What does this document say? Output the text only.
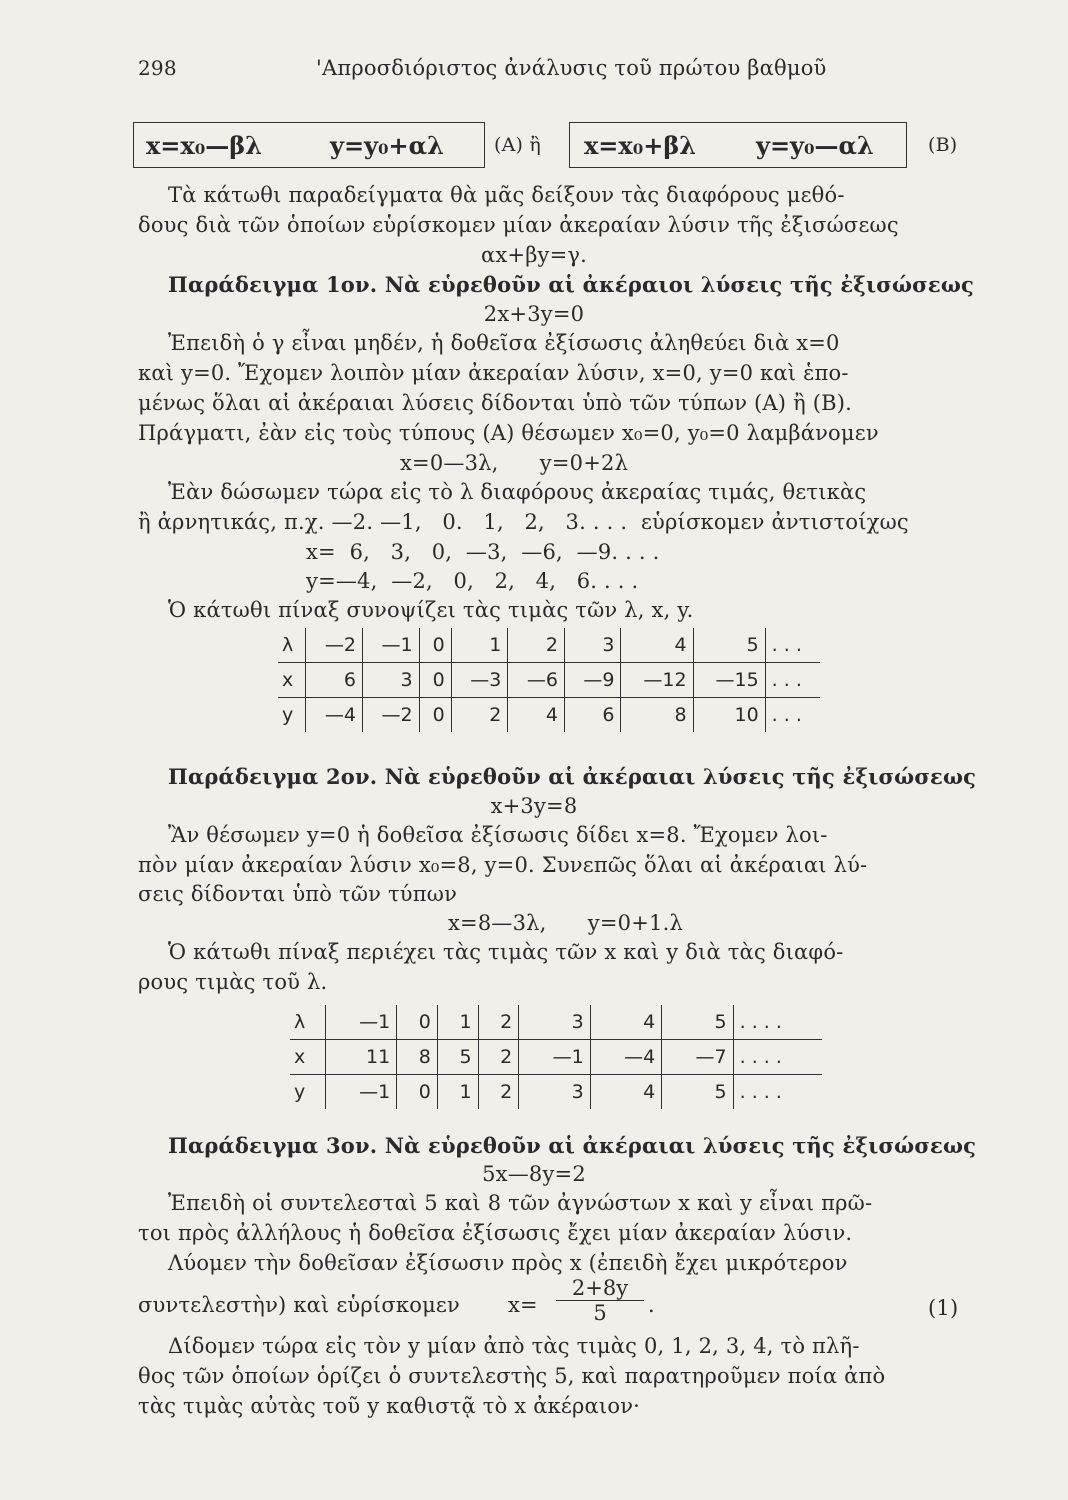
298	'Απροσδιόριστος ἀνάλυσις τοῦ πρώτου βαθμοῦ
x=x₀—βλ	y=y₀+αλ	(A) ἢ x=x₀+βλ y=y₀—αλ	(B)
Τὰ κάτωθι παραδείγματα θὰ μᾶς δείξουν τὰς διαφόρους μεθό-
δους διὰ τῶν ὁποίων εὑρίσκομεν μίαν ἀκεραίαν λύσιν τῆς ἐξισώσεως
αx+βy=γ.
Παράδειγμα 1ον. Νὰ εὑρεθοῦν αἱ ἀκέραιοι λύσεις τῆς ἐξισώσεως
2x+3y=0
Ἐπειδὴ ὁ γ εἶναι μηδέν, ἡ δοθεῖσα ἐξίσωσις ἀληθεύει διὰ x=0
καὶ y=0. Ἔχομεν λοιπὸν μίαν ἀκεραίαν λύσιν, x=0, y=0 καὶ ἑπο-
μένως ὅλαι αἱ ἀκέραιαι λύσεις δίδονται ὑπὸ τῶν τύπων (A) ἢ (B).
Πράγματι, ἐὰν εἰς τοὺς τύπους (A) θέσωμεν x₀=0, y₀=0 λαμβάνομεν
x=0—3λ,      y=0+2λ
Ἐὰν δώσωμεν τώρα εἰς τὸ λ διαφόρους ἀκεραίας τιμάς, θετικὰς
ἢ ἀρνητικάς, π.χ. —2. —1,   0.   1,   2,   3. . . .  εὑρίσκομεν ἀντιστοίχως
x=  6,   3,   0,  —3,  —6,  —9. . . .
y=—4,  —2,   0,   2,   4,   6. . . .
Ὁ κάτωθι πίναξ συνοψίζει τὰς τιμὰς τῶν λ, x, y.
λ	—2	—1	0	1	2	3	4	5	. . .
x	6	3	0	—3	—6	—9	—12	—15	. . .
y	—4	—2	0	2	4	6	8	10	. . .
Παράδειγμα 2ον. Νὰ εὑρεθοῦν αἱ ἀκέραιαι λύσεις τῆς ἐξισώσεως
x+3y=8
Ἂν θέσωμεν y=0 ἡ δοθεῖσα ἐξίσωσις δίδει x=8. Ἔχομεν λοι-
πὸν μίαν ἀκεραίαν λύσιν x₀=8, y=0. Συνεπῶς ὅλαι αἱ ἀκέραιαι λύ-
σεις δίδονται ὑπὸ τῶν τύπων
x=8—3λ,      y=0+1.λ
Ὁ κάτωθι πίναξ περιέχει τὰς τιμὰς τῶν x καὶ y διὰ τὰς διαφό-
ρους τιμὰς τοῦ λ.
λ	—1	0	1	2	3	4	5	. . . .
x	11	8	5	2	—1	—4	—7	. . . .
y	—1	0	1	2	3	4	5	. . . .
Παράδειγμα 3ον. Νὰ εὑρεθοῦν αἱ ἀκέραιαι λύσεις τῆς ἐξισώσεως
5x—8y=2
Ἐπειδὴ οἱ συντελεσταὶ 5 καὶ 8 τῶν ἀγνώστων x καὶ y εἶναι πρῶ-
τοι πρὸς ἀλλήλους ἡ δοθεῖσα ἐξίσωσις ἔχει μίαν ἀκεραίαν λύσιν.
Λύομεν τὴν δοθεῖσαν ἐξίσωσιν πρὸς x (ἐπειδὴ ἔχει μικρότερον
συντελεστὴν) καὶ εὑρίσκομεν $x= \frac{2+8y}{5}$ .	(1)
Δίδομεν τώρα εἰς τὸν y μίαν ἀπὸ τὰς τιμὰς 0, 1, 2, 3, 4, τὸ πλῆ-
θος τῶν ὁποίων ὁρίζει ὁ συντελεστὴς 5, καὶ παρατηροῦμεν ποία ἀπὸ
τὰς τιμὰς αὐτὰς τοῦ y καθιστᾷ τὸ x ἀκέραιον·
